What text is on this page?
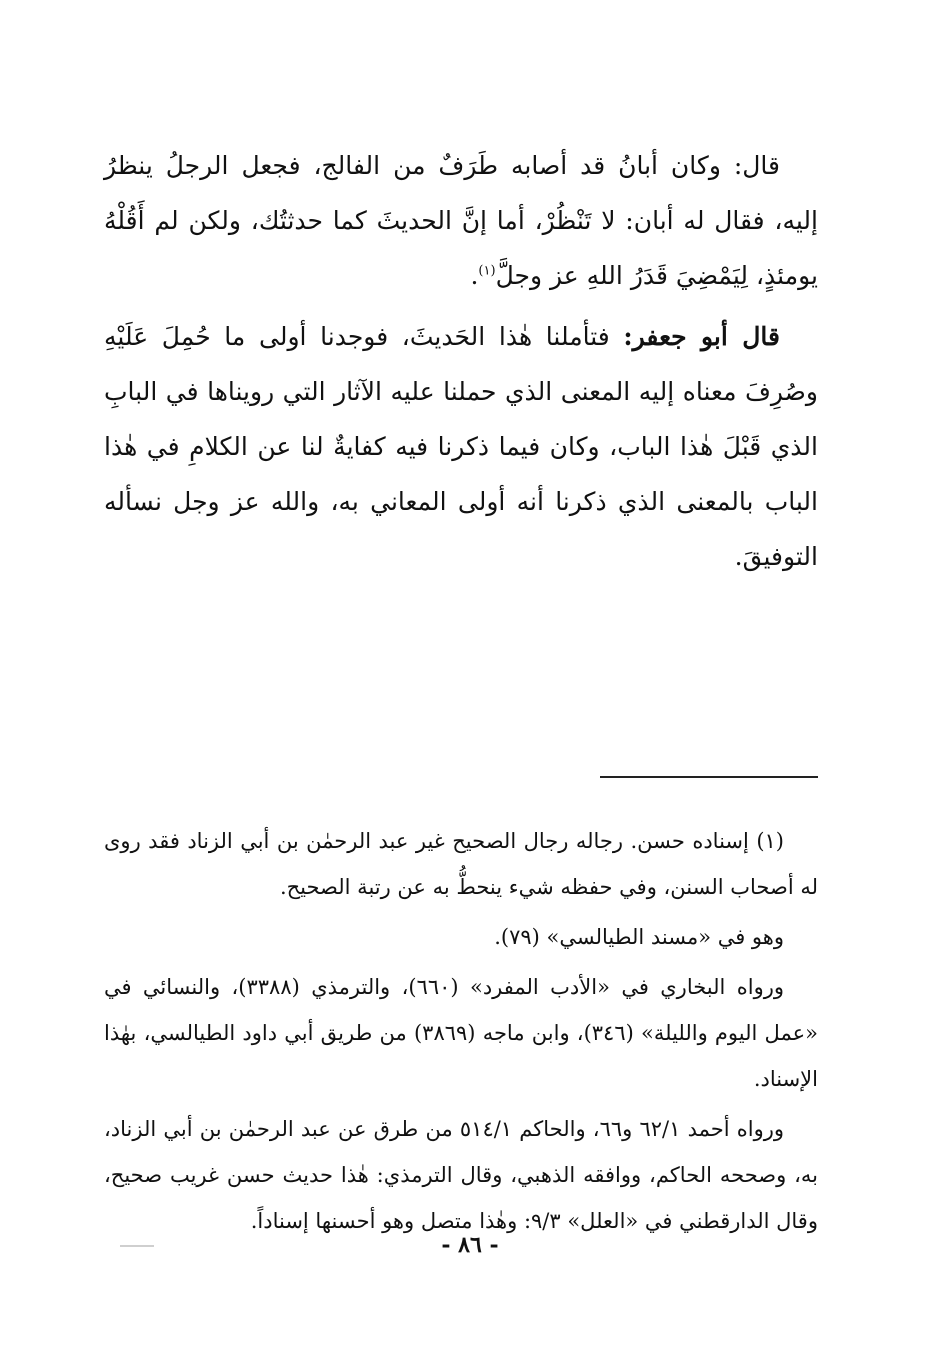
قال: وكان أبانُ قد أصابه طَرَفٌ من الفالج، فجعل الرجلُ ينظرُ إليه، فقال له أبان: لا تَنْظُرْ، أما إنَّ الحديثَ كما حدثتُك، ولكن لم أَقُلْهُ يومئذٍ، لِيَمْضِيَ قَدَرُ اللهِ عز وجلَّ$^{(١)}$.

قال أبو جعفر: فتأملنا هٰذا الحَديثَ، فوجدنا أولى ما حُمِلَ عَلَيْهِ وصُرِفَ معناه إليه المعنى الذي حملنا عليه الآثار التي رويناها في البابِ الذي قَبْلَ هٰذا الباب، وكان فيما ذكرنا فيه كفايةٌ لنا عن الكلامِ في هٰذا الباب بالمعنى الذي ذكرنا أنه أولى المعاني به، والله عز وجل نسأله التوفيقَ.

(١) إسناده حسن. رجاله رجال الصحيح غير عبد الرحمٰن بن أبي الزناد فقد روى له أصحاب السنن، وفي حفظه شيء ينحطُّ به عن رتبة الصحيح.

وهو في «مسند الطيالسي» (٧٩).

ورواه البخاري في «الأدب المفرد» (٦٦٠)، والترمذي (٣٣٨٨)، والنسائي في «عمل اليوم والليلة» (٣٤٦)، وابن ماجه (٣٨٦٩) من طريق أبي داود الطيالسي، بهٰذا الإسناد.

ورواه أحمد ٦٢/١ و٦٦، والحاكم ٥١٤/١ من طرق عن عبد الرحمٰن بن أبي الزناد، به، وصححه الحاكم، ووافقه الذهبي، وقال الترمذي: هٰذا حديث حسن غريب صحيح، وقال الدارقطني في «العلل» ٩/٣: وهٰذا متصل وهو أحسنها إسناداً.

- ٨٦ -
